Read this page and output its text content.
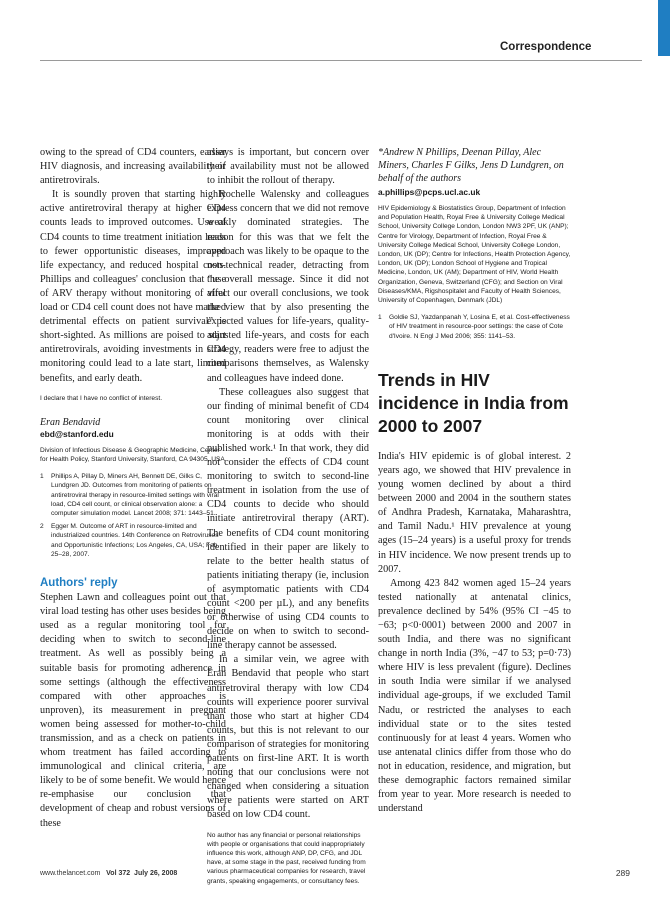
Correspondence

owing to the spread of CD4 counters, earlier HIV diagnosis, and increasing availability of antiretrovirals.

It is soundly proven that starting highly active antiretroviral therapy at higher CD4 counts leads to improved outcomes. Use of CD4 counts to time treatment initiation leads to fewer opportunistic diseases, improved life expectancy, and reduced hospital costs. Phillips and colleagues' conclusion that “use of ARV therapy without monitoring of viral load or CD4 cell count does not have marked detrimental effects on patient survival” is short-sighted. As millions are poised to start antiretrovirals, avoiding investments in CD4 monitoring could lead to a late start, limited benefits, and early death.

I declare that I have no conflict of interest.

Eran Bendavid
ebd@stanford.edu
Division of Infectious Disease & Geographic Medicine, Center for Health Policy, Stanford University, Stanford, CA 94305, USA
1	Phillips A, Pillay D, Miners AH, Bennett DE, Gilks C, Lundgren JD. Outcomes from monitoring of patients on antiretroviral therapy in resource-limited settings with viral load, CD4 cell count, or clinical observation alone: a computer simulation model. Lancet 2008; 371: 1443–51.
2	Egger M. Outcome of ART in resource-limited and industrialized countries. 14th Conference on Retroviruses and Opportunistic Infections; Los Angeles, CA, USA; Feb 25–28, 2007.
Authors' reply

Stephen Lawn and colleagues point out that viral load testing has other uses besides being used as a regular monitoring tool for deciding when to switch to second-line treatment. As well as possibly being a suitable basis for promoting adherence in some settings (although the effectiveness compared with other approaches is unproven), its measurement in pregnant women being assessed for mother-to-child transmission, and as a check on patients in whom treatment has failed according to immunological and clinical criteria, are likely to be of some benefit. We would hence re-emphasise our conclusion that development of cheap and robust versions of these

assays is important, but concern over their availability must not be allowed to inhibit the rollout of therapy.

Rochelle Walensky and colleagues express concern that we did not remove weakly dominated strategies. The reason for this was that we felt the approach was likely to be opaque to the non-technical reader, detracting from the overall message. Since it did not affect our overall conclusions, we took the view that by also presenting the expected values for life-years, quality-adjusted life-years, and costs for each strategy, readers were free to adjust the comparisons themselves, as Walensky and colleagues have indeed done.

These colleagues also suggest that our finding of minimal benefit of CD4 count monitoring over clinical monitoring is at odds with their published work.¹ In that work, they did not consider the effects of CD4 count monitoring to switch to second-line treatment in isolation from the use of CD4 counts to decide who should initiate antiretroviral therapy (ART). The benefits of CD4 count monitoring identified in their paper are likely to relate to the better health status of patients initiating therapy (ie, inclusion of asymptomatic patients with CD4 count <200 per µL), and any benefits or otherwise of using CD4 counts to decide on when to switch to second-line therapy cannot be assessed.

In a similar vein, we agree with Eran Bendavid that people who start antiretroviral therapy with low CD4 counts will experience poorer survival than those who start at higher CD4 counts, but this is not relevant to our comparison of strategies for monitoring patients on first-line ART. It is worth noting that our conclusions were not changed when considering a situation where patients were started on ART based on low CD4 count.

No author has any financial or personal relationships with people or organisations that could inappropriately influence this work, although ANP, DP, CFG, and JDL have, at some stage in the past, received funding from various pharmaceutical companies for research, travel grants, speaking engagements, or consultancy fees.

*Andrew N Phillips, Deenan Pillay, Alec Miners, Charles F Gilks, Jens D Lundgren, on behalf of the authors
a.phillips@pcps.ucl.ac.uk
HIV Epidemiology & Biostatistics Group, Department of Infection and Population Health, Royal Free & University College Medical School, University College London, London NW3 2PF, UK (ANP); Centre for Virology, Department of Infection, Royal Free & University College Medical School, University College London, London, UK (DP); Centre for Infections, Health Protection Agency, London, UK (DP); London School of Hygiene and Tropical Medicine, London, UK (AM); Department of HIV, World Health Organization, Geneva, Switzerland (CFG); and Section on Viral Diseases/KMA, Rigshospitalet and Faculty of Health Sciences, University of Copenhagen, Denmark (JDL)
1	Goldie SJ, Yazdanpanah Y, Losina E, et al. Cost-effectiveness of HIV treatment in resource-poor settings: the case of Cote d'Ivoire. N Engl J Med 2006; 355: 1141–53.
Trends in HIV incidence in India from 2000 to 2007

India's HIV epidemic is of global interest. 2 years ago, we showed that HIV prevalence in young women declined by about a third between 2000 and 2004 in the southern states of Andhra Pradesh, Karnataka, Maharashtra, and Tamil Nadu.¹ HIV prevalence at young ages (15–24 years) is a useful proxy for trends in HIV incidence. We now present trends up to 2007.

Among 423 842 women aged 15–24 years tested nationally at antenatal clinics, prevalence declined by 54% (95% CI −45 to −63; p<0·0001) between 2000 and 2007 in south India, and there was no significant change in north India (3%, −47 to 53; p=0·73) where HIV is less prevalent (figure). Declines in south India were similar if we analysed individual age-groups, if we excluded Tamil Nadu, or restricted the analyses to each individual state or to the sites tested continuously for at least 4 years. Women who use antenatal clinics differ from those who do not in education, residence, and migration, but these demographic factors remained similar from year to year. More research is needed to understand

www.thelancet.com Vol 372 July 26, 2008	289
